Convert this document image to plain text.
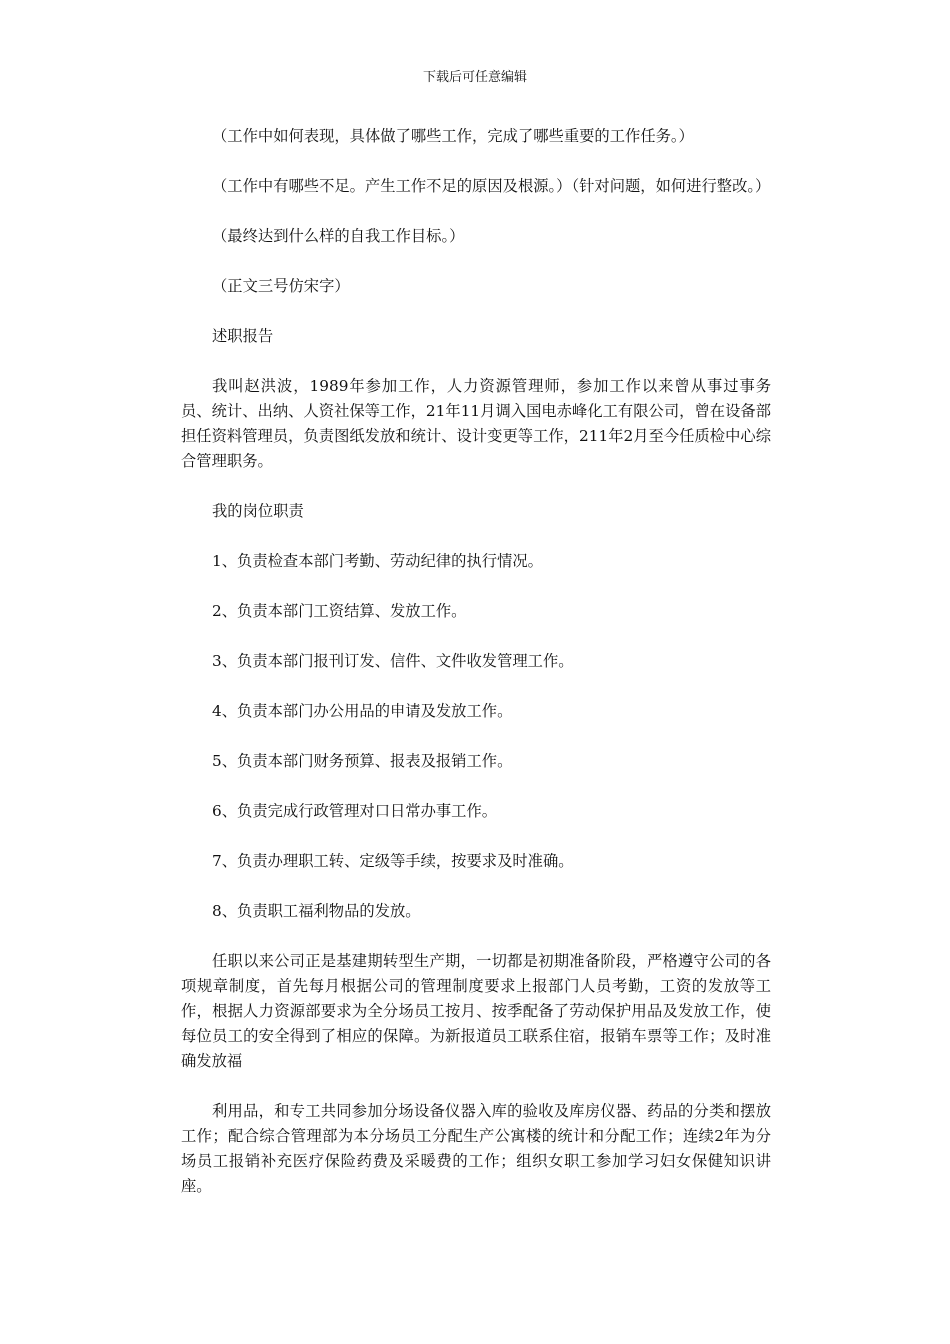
下载后可任意编辑

（工作中如何表现，具体做了哪些工作，完成了哪些重要的工作任务。）

（工作中有哪些不足。产生工作不足的原因及根源。）（针对问题，如何进行整改。）

（最终达到什么样的自我工作目标。）

（正文三号仿宋字）

述职报告

我叫赵洪波，1989年参加工作，人力资源管理师，参加工作以来曾从事过事务员、统计、出纳、人资社保等工作，21年11月调入国电赤峰化工有限公司，曾在设备部担任资料管理员，负责图纸发放和统计、设计变更等工作，211年2月至今任质检中心综合管理职务。

我的岗位职责

1、负责检查本部门考勤、劳动纪律的执行情况。

2、负责本部门工资结算、发放工作。

3、负责本部门报刊订发、信件、文件收发管理工作。

4、负责本部门办公用品的申请及发放工作。

5、负责本部门财务预算、报表及报销工作。

6、负责完成行政管理对口日常办事工作。

7、负责办理职工转、定级等手续，按要求及时准确。

8、负责职工福利物品的发放。

任职以来公司正是基建期转型生产期，一切都是初期准备阶段，严格遵守公司的各项规章制度，首先每月根据公司的管理制度要求上报部门人员考勤，工资的发放等工作，根据人力资源部要求为全分场员工按月、按季配备了劳动保护用品及发放工作，使每位员工的安全得到了相应的保障。为新报道员工联系住宿，报销车票等工作；及时准确发放福

利用品，和专工共同参加分场设备仪器入库的验收及库房仪器、药品的分类和摆放工作；配合综合管理部为本分场员工分配生产公寓楼的统计和分配工作；连续2年为分场员工报销补充医疗保险药费及采暖费的工作；组织女职工参加学习妇女保健知识讲座。
